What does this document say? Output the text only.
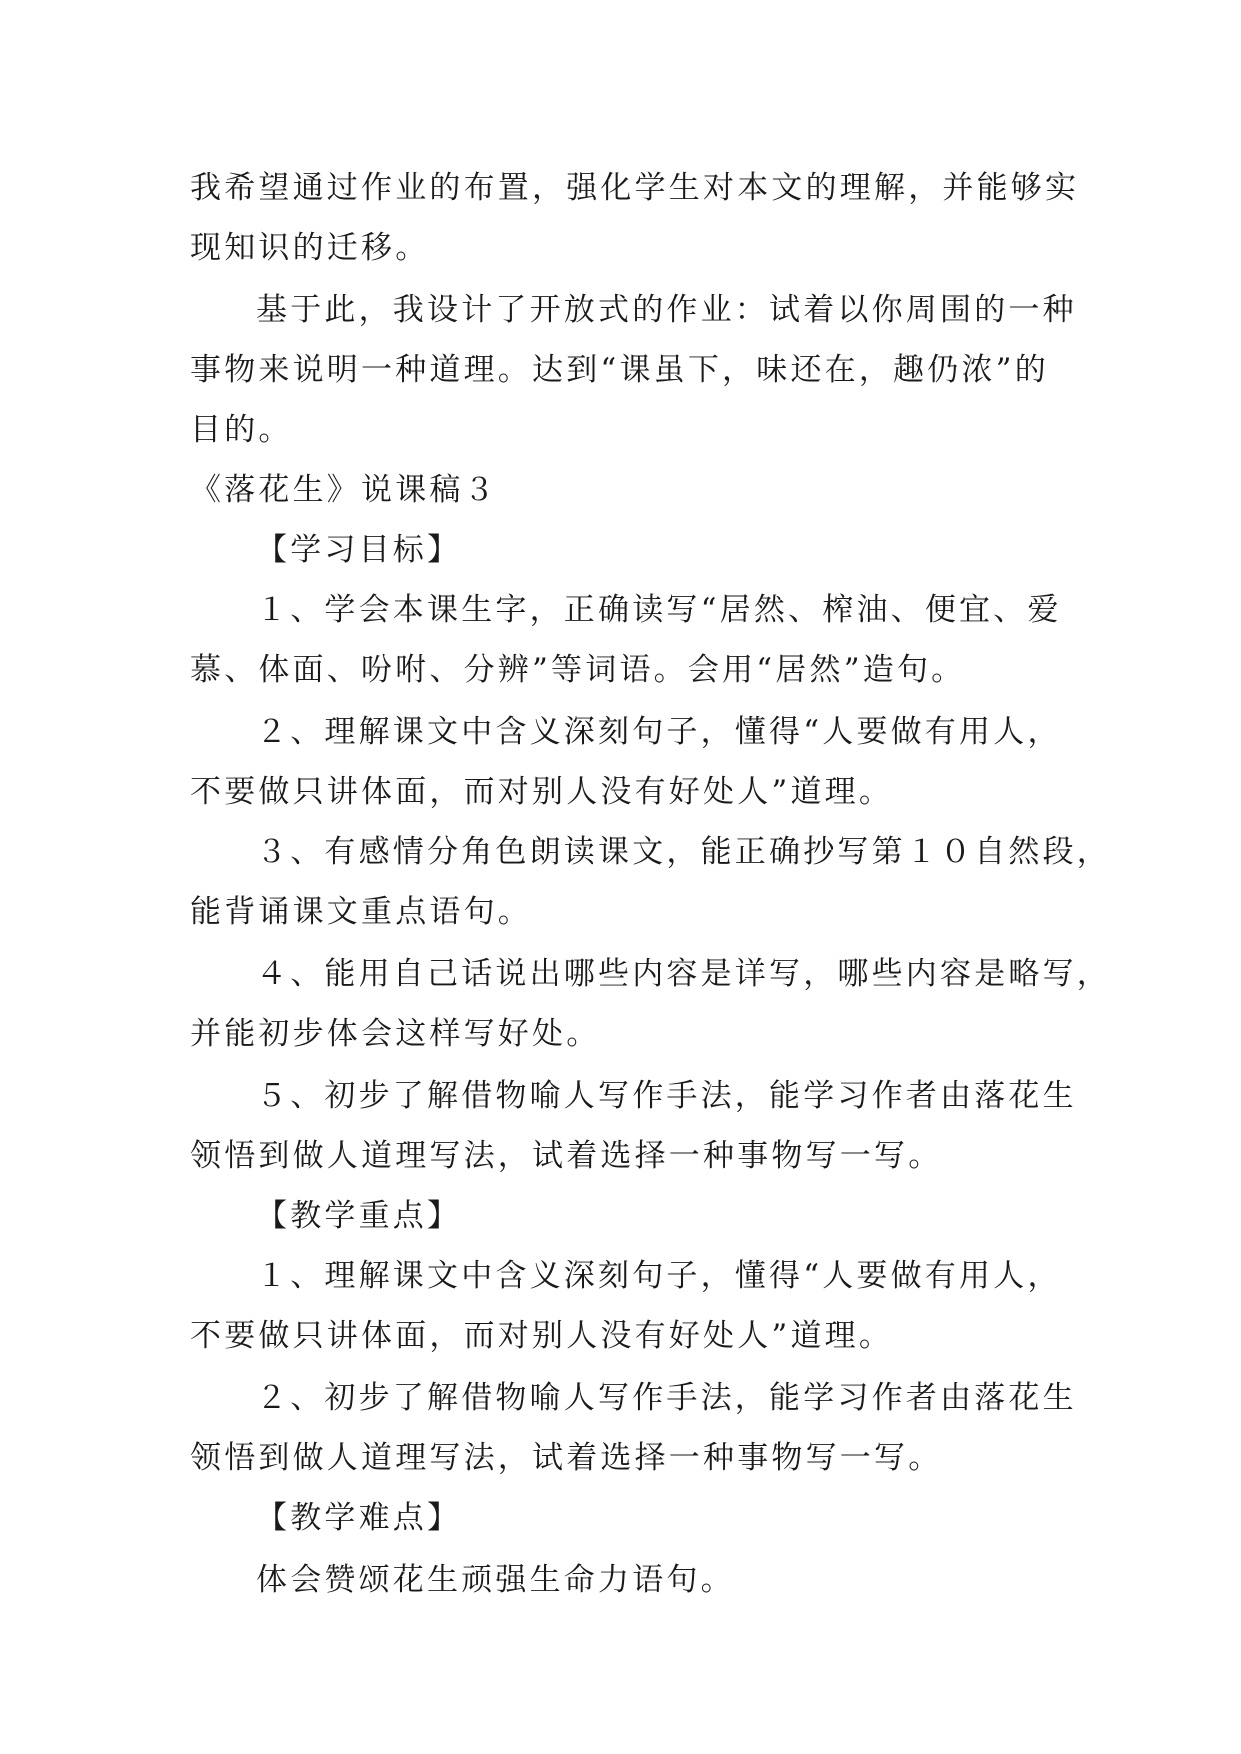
我希望通过作业的布置，强化学生对本文的理解，并能够实

现知识的迁移。

基于此，我设计了开放式的作业：试着以你周围的一种

事物来说明一种道理。达到“课虽下，味还在，趣仍浓”的

目的。

《落花生》说课稿３

【学习目标】

１、学会本课生字，正确读写“居然、榨油、便宜、爱

慕、体面、吩咐、分辨”等词语。会用“居然”造句。

２、理解课文中含义深刻句子，懂得“人要做有用人，

不要做只讲体面，而对别人没有好处人”道理。

３、有感情分角色朗读课文，能正确抄写第１０自然段，

能背诵课文重点语句。

４、能用自己话说出哪些内容是详写，哪些内容是略写，

并能初步体会这样写好处。

５、初步了解借物喻人写作手法，能学习作者由落花生

领悟到做人道理写法，试着选择一种事物写一写。

【教学重点】

１、理解课文中含义深刻句子，懂得“人要做有用人，

不要做只讲体面，而对别人没有好处人”道理。

２、初步了解借物喻人写作手法，能学习作者由落花生

领悟到做人道理写法，试着选择一种事物写一写。

【教学难点】

体会赞颂花生顽强生命力语句。
